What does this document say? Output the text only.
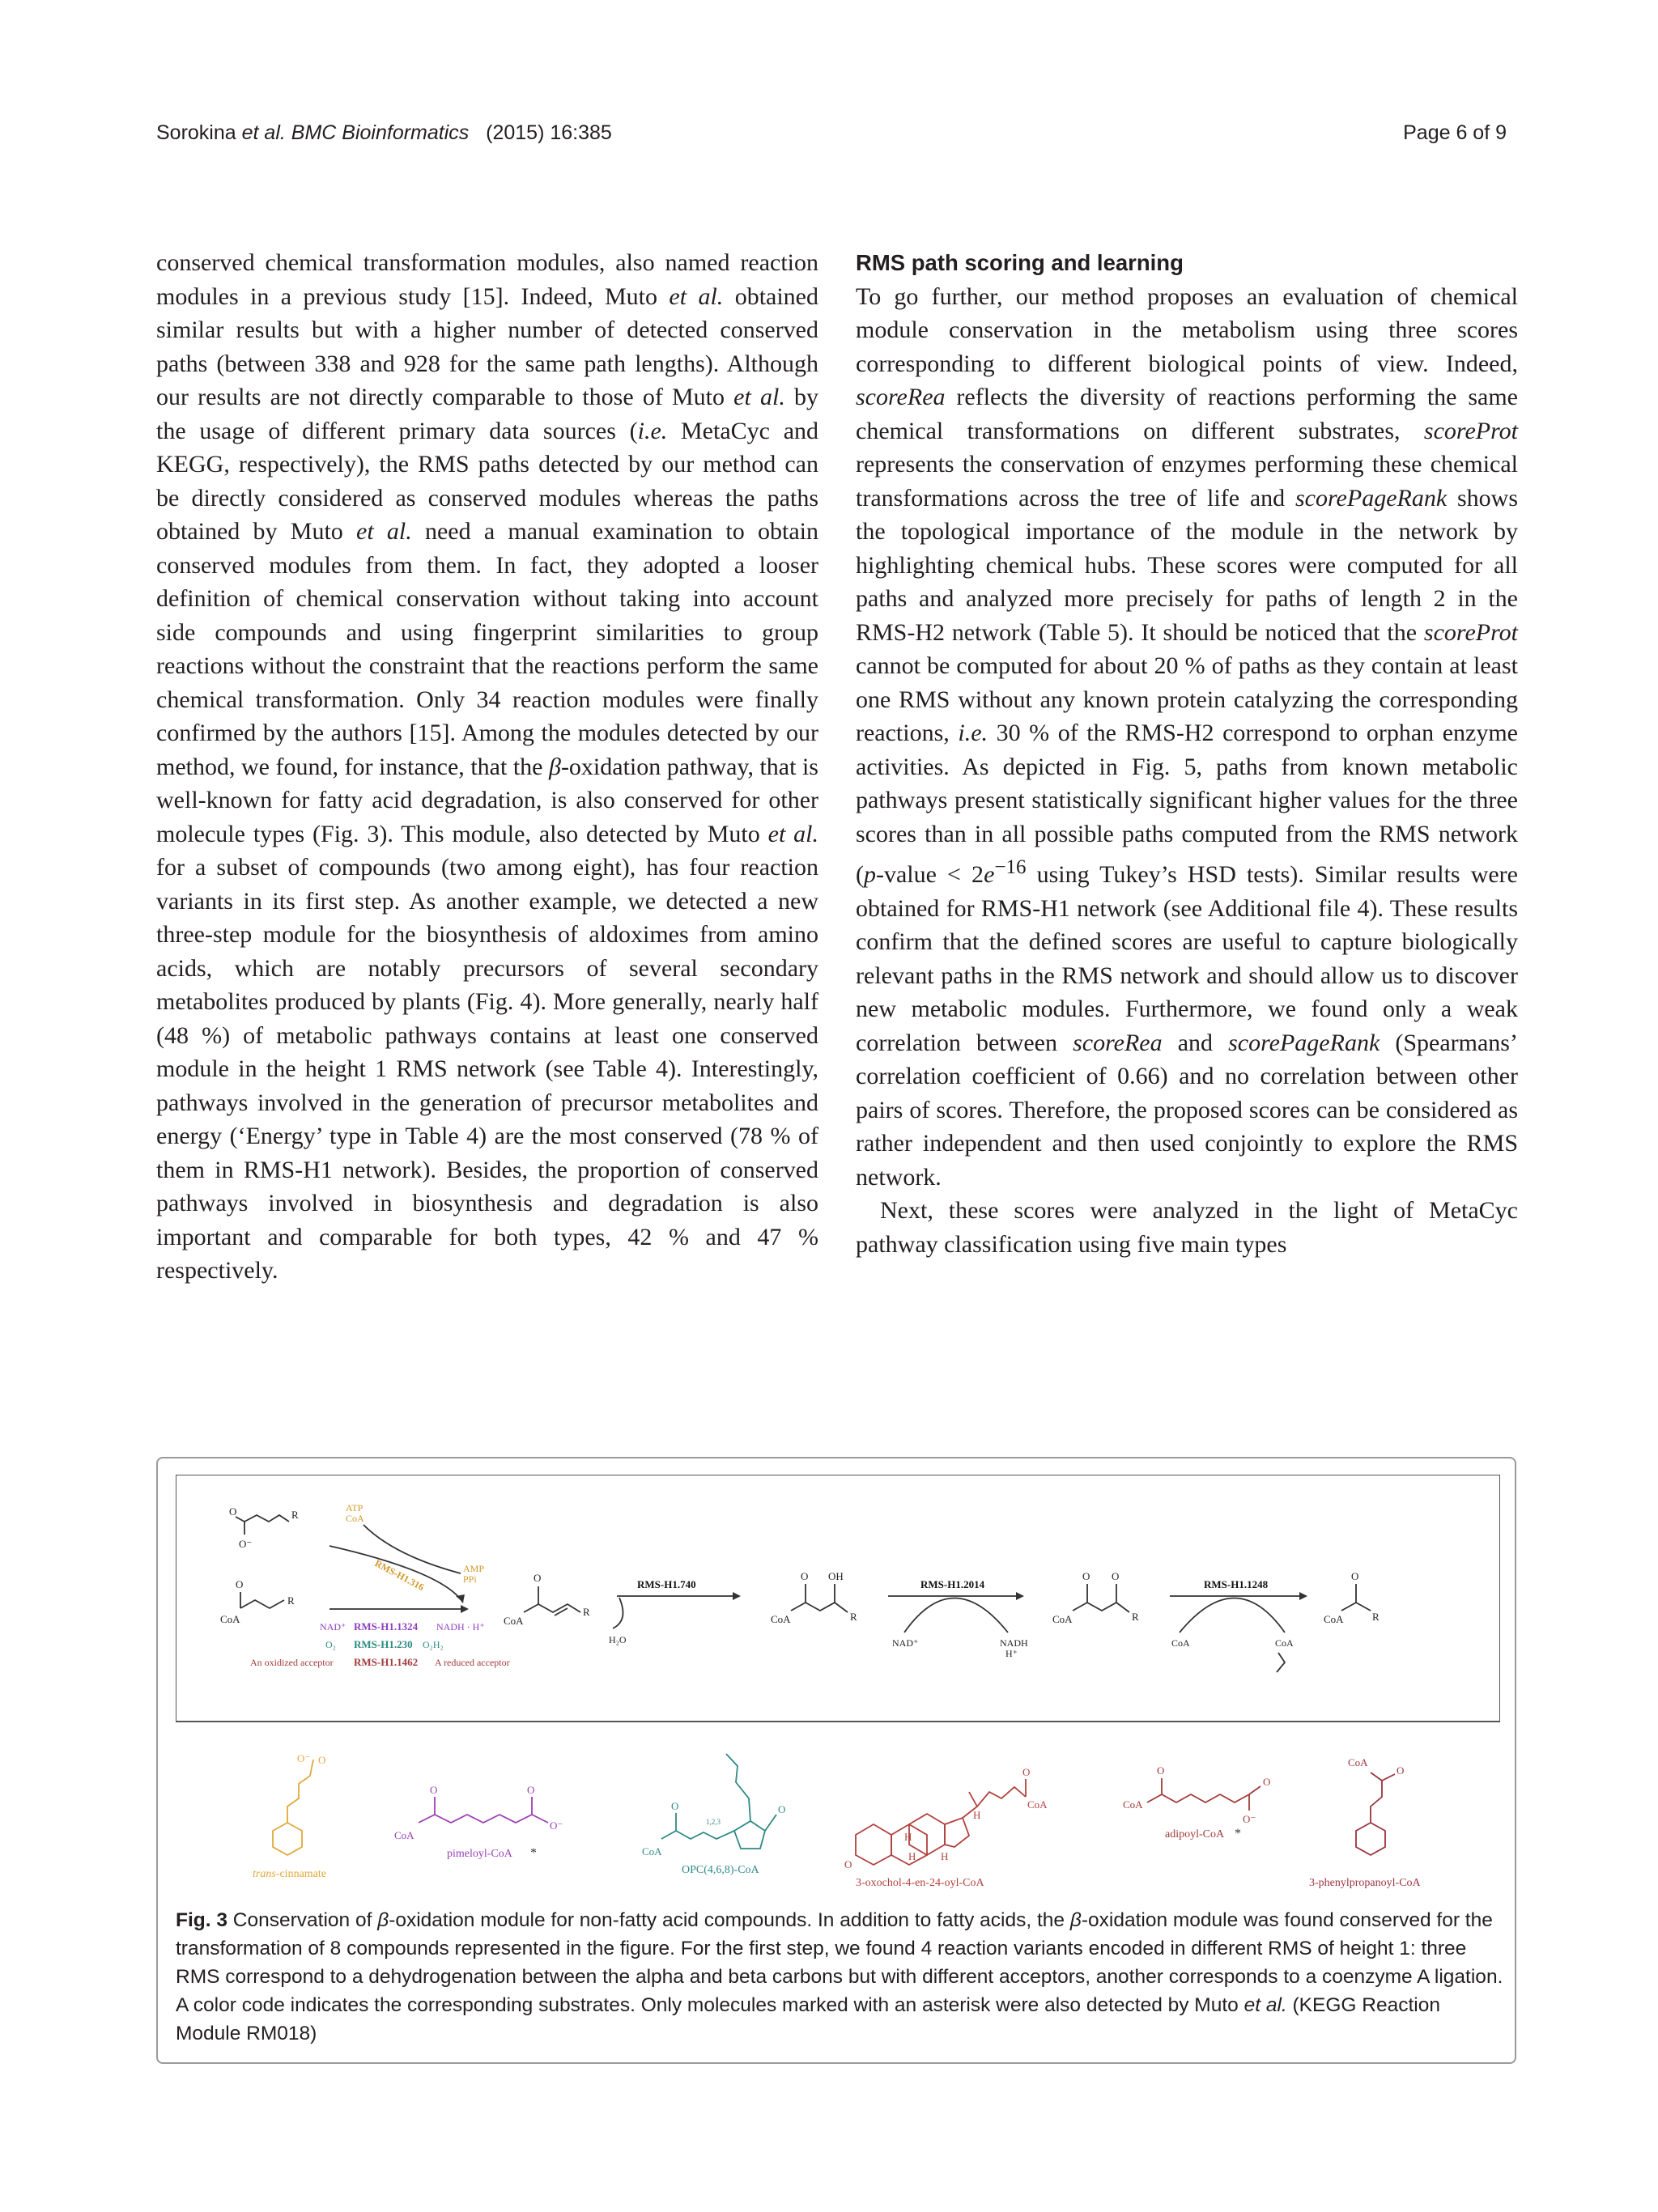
Sorokina et al. BMC Bioinformatics (2015) 16:385	Page 6 of 9

conserved chemical transformation modules, also named reaction modules in a previous study [15]. Indeed, Muto et al. obtained similar results but with a higher number of detected conserved paths (between 338 and 928 for the same path lengths). Although our results are not directly comparable to those of Muto et al. by the usage of different primary data sources (i.e. MetaCyc and KEGG, respectively), the RMS paths detected by our method can be directly considered as conserved modules whereas the paths obtained by Muto et al. need a manual examination to obtain conserved modules from them. In fact, they adopted a looser definition of chemical conservation without taking into account side compounds and using fingerprint similarities to group reactions without the constraint that the reactions perform the same chemical transformation. Only 34 reaction modules were finally confirmed by the authors [15]. Among the modules detected by our method, we found, for instance, that the β-oxidation pathway, that is well-known for fatty acid degradation, is also conserved for other molecule types (Fig. 3). This module, also detected by Muto et al. for a subset of compounds (two among eight), has four reaction variants in its first step. As another example, we detected a new three-step module for the biosynthesis of aldoximes from amino acids, which are notably precursors of several secondary metabolites produced by plants (Fig. 4). More generally, nearly half (48 %) of metabolic pathways contains at least one conserved module in the height 1 RMS network (see Table 4). Interestingly, pathways involved in the generation of precursor metabolites and energy (‘Energy’ type in Table 4) are the most conserved (78 % of them in RMS-H1 network). Besides, the proportion of conserved pathways involved in biosynthesis and degradation is also important and comparable for both types, 42 % and 47 % respectively.

RMS path scoring and learning

To go further, our method proposes an evaluation of chemical module conservation in the metabolism using three scores corresponding to different biological points of view. Indeed, scoreRea reflects the diversity of reactions performing the same chemical transformations on different substrates, scoreProt represents the conservation of enzymes performing these chemical transformations across the tree of life and scorePageRank shows the topological importance of the module in the network by highlighting chemical hubs. These scores were computed for all paths and analyzed more precisely for paths of length 2 in the RMS-H2 network (Table 5). It should be noticed that the scoreProt cannot be computed for about 20 % of paths as they contain at least one RMS without any known protein catalyzing the corresponding reactions, i.e. 30 % of the RMS-H2 correspond to orphan enzyme activities. As depicted in Fig. 5, paths from known metabolic pathways present statistically significant higher values for the three scores than in all possible paths computed from the RMS network (p-value < $2e^{-16}$ using Tukey’s HSD tests). Similar results were obtained for RMS-H1 network (see Additional file 4). These results confirm that the defined scores are useful to capture biologically relevant paths in the RMS network and should allow us to discover new metabolic modules. Furthermore, we found only a weak correlation between scoreRea and scorePageRank (Spearmans’ correlation coefficient of 0.66) and no correlation between other pairs of scores. Therefore, the proposed scores can be considered as rather independent and then used conjointly to explore the RMS network.

Next, these scores were analyzed in the light of MetaCyc pathway classification using five main types

O
O⁻
R
ATP
CoA
AMP
PPi
RMS-H1.316
O
CoA
R
NAD⁺ RMS-H1.1324 NADH · H⁺
O₂ RMS-H1.230 O₂H₂
An oxidized acceptor RMS-H1.1462 A reduced acceptor
O
CoA
R
RMS-H1.740
H₂O
O OH
CoA	R
RMS-H1.2014
NAD⁺	NADH
H⁺
O O
CoA	R
RMS-H1.1248
CoA	CoA
O
CoA	R
O⁻ O
trans-cinnamate
O	O
CoA
O⁻
pimeloyl-CoA *
O	O
CoA
1,2,3
OPC(4,6,8)-CoA	O
O
CoA
H
H H
H
3-oxochol-4-en-24-oyl-CoA
O
O
O⁻
CoA
adipoyl-CoA *
CoA
O
3-phenylpropanoyl-CoA
Fig. 3 Conservation of β-oxidation module for non-fatty acid compounds. In addition to fatty acids, the β-oxidation module was found conserved for the transformation of 8 compounds represented in the figure. For the first step, we found 4 reaction variants encoded in different RMS of height 1: three RMS correspond to a dehydrogenation between the alpha and beta carbons but with different acceptors, another corresponds to a coenzyme A ligation. A color code indicates the corresponding substrates. Only molecules marked with an asterisk were also detected by Muto et al. (KEGG Reaction Module RM018)
